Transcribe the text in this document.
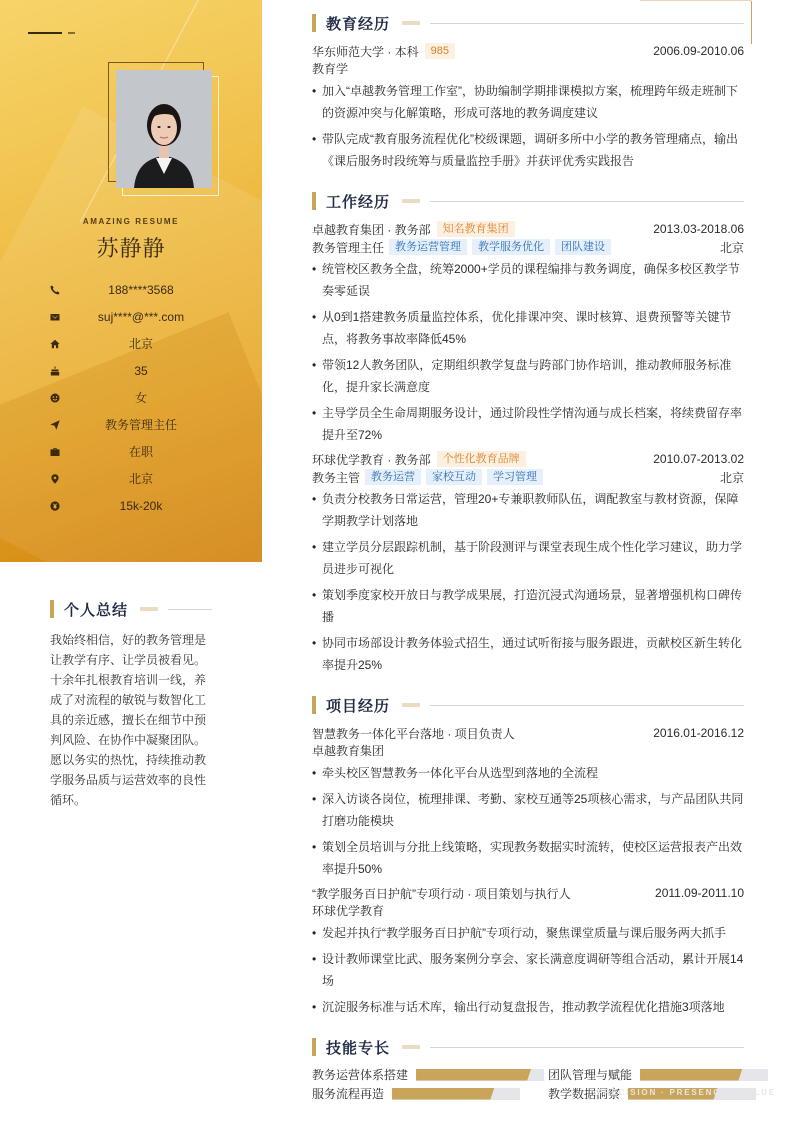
AMAZING RESUME
苏静静
188****3568
suj****@***.com
北京
35
女
教务管理主任
在职
北京
15k-20k
个人总结

我始终相信，好的教务管理是让教学有序、让学员被看见。十余年扎根教育培训一线，养成了对流程的敏锐与数智化工具的亲近感，擅长在细节中预判风险、在协作中凝聚团队。愿以务实的热忱，持续推动教学服务品质与运营效率的良性循环。

教育经历
华东师范大学 · 本科	985	2006.09-2010.06
教育学
• 加入“卓越教务管理工作室”，协助编制学期排课模拟方案，梳理跨年级走班制下的资源冲突与化解策略，形成可落地的教务调度建议
• 带队完成“教育服务流程优化”校级课题，调研多所中小学的教务管理痛点，输出《课后服务时段统筹与质量监控手册》并获评优秀实践报告
工作经历
卓越教育集团 · 教务部	知名教育集团	2013.03-2018.06
教务管理主任	教务运营管理	教学服务优化	团队建设	北京
• 统管校区教务全盘，统筹2000+学员的课程编排与教务调度，确保多校区教学节奏零延误
• 从0到1搭建教务质量监控体系，优化排课冲突、课时核算、退费预警等关键节点，将教务事故率降低45%
• 带领12人教务团队，定期组织教学复盘与跨部门协作培训，推动教师服务标准化，提升家长满意度
• 主导学员全生命周期服务设计，通过阶段性学情沟通与成长档案，将续费留存率提升至72%
环球优学教育 · 教务部	个性化教育品牌	2010.07-2013.02
教务主管	教务运营	家校互动	学习管理	北京
• 负责分校教务日常运营，管理20+专兼职教师队伍，调配教室与教材资源，保障学期教学计划落地
• 建立学员分层跟踪机制，基于阶段测评与课堂表现生成个性化学习建议，助力学员进步可视化
• 策划季度家校开放日与教学成果展，打造沉浸式沟通场景，显著增强机构口碑传播
• 协同市场部设计教务体验式招生，通过试听衔接与服务跟进，贡献校区新生转化率提升25%
项目经历
智慧教务一体化平台落地 · 项目负责人	2016.01-2016.12
卓越教育集团
• 牵头校区智慧教务一体化平台从选型到落地的全流程
• 深入访谈各岗位，梳理排课、考勤、家校互通等25项核心需求，与产品团队共同打磨功能模块
• 策划全员培训与分批上线策略，实现教务数据实时流转，使校区运营报表产出效率提升50%
“教学服务百日护航”专项行动 · 项目策划与执行人	2011.09-2011.10
环球优学教育
• 发起并执行“教学服务百日护航”专项行动，聚焦课堂质量与课后服务两大抓手
• 设计教师课堂比武、服务案例分享会、家长满意度调研等组合活动，累计开展14场
• 沉淀服务标准与话术库，输出行动复盘报告，推动教学流程优化措施3项落地
技能专长
教务运营体系搭建	团队管理与赋能
服务流程再造	教学数据洞察
PRECISION · PRESENCE · VALUE
